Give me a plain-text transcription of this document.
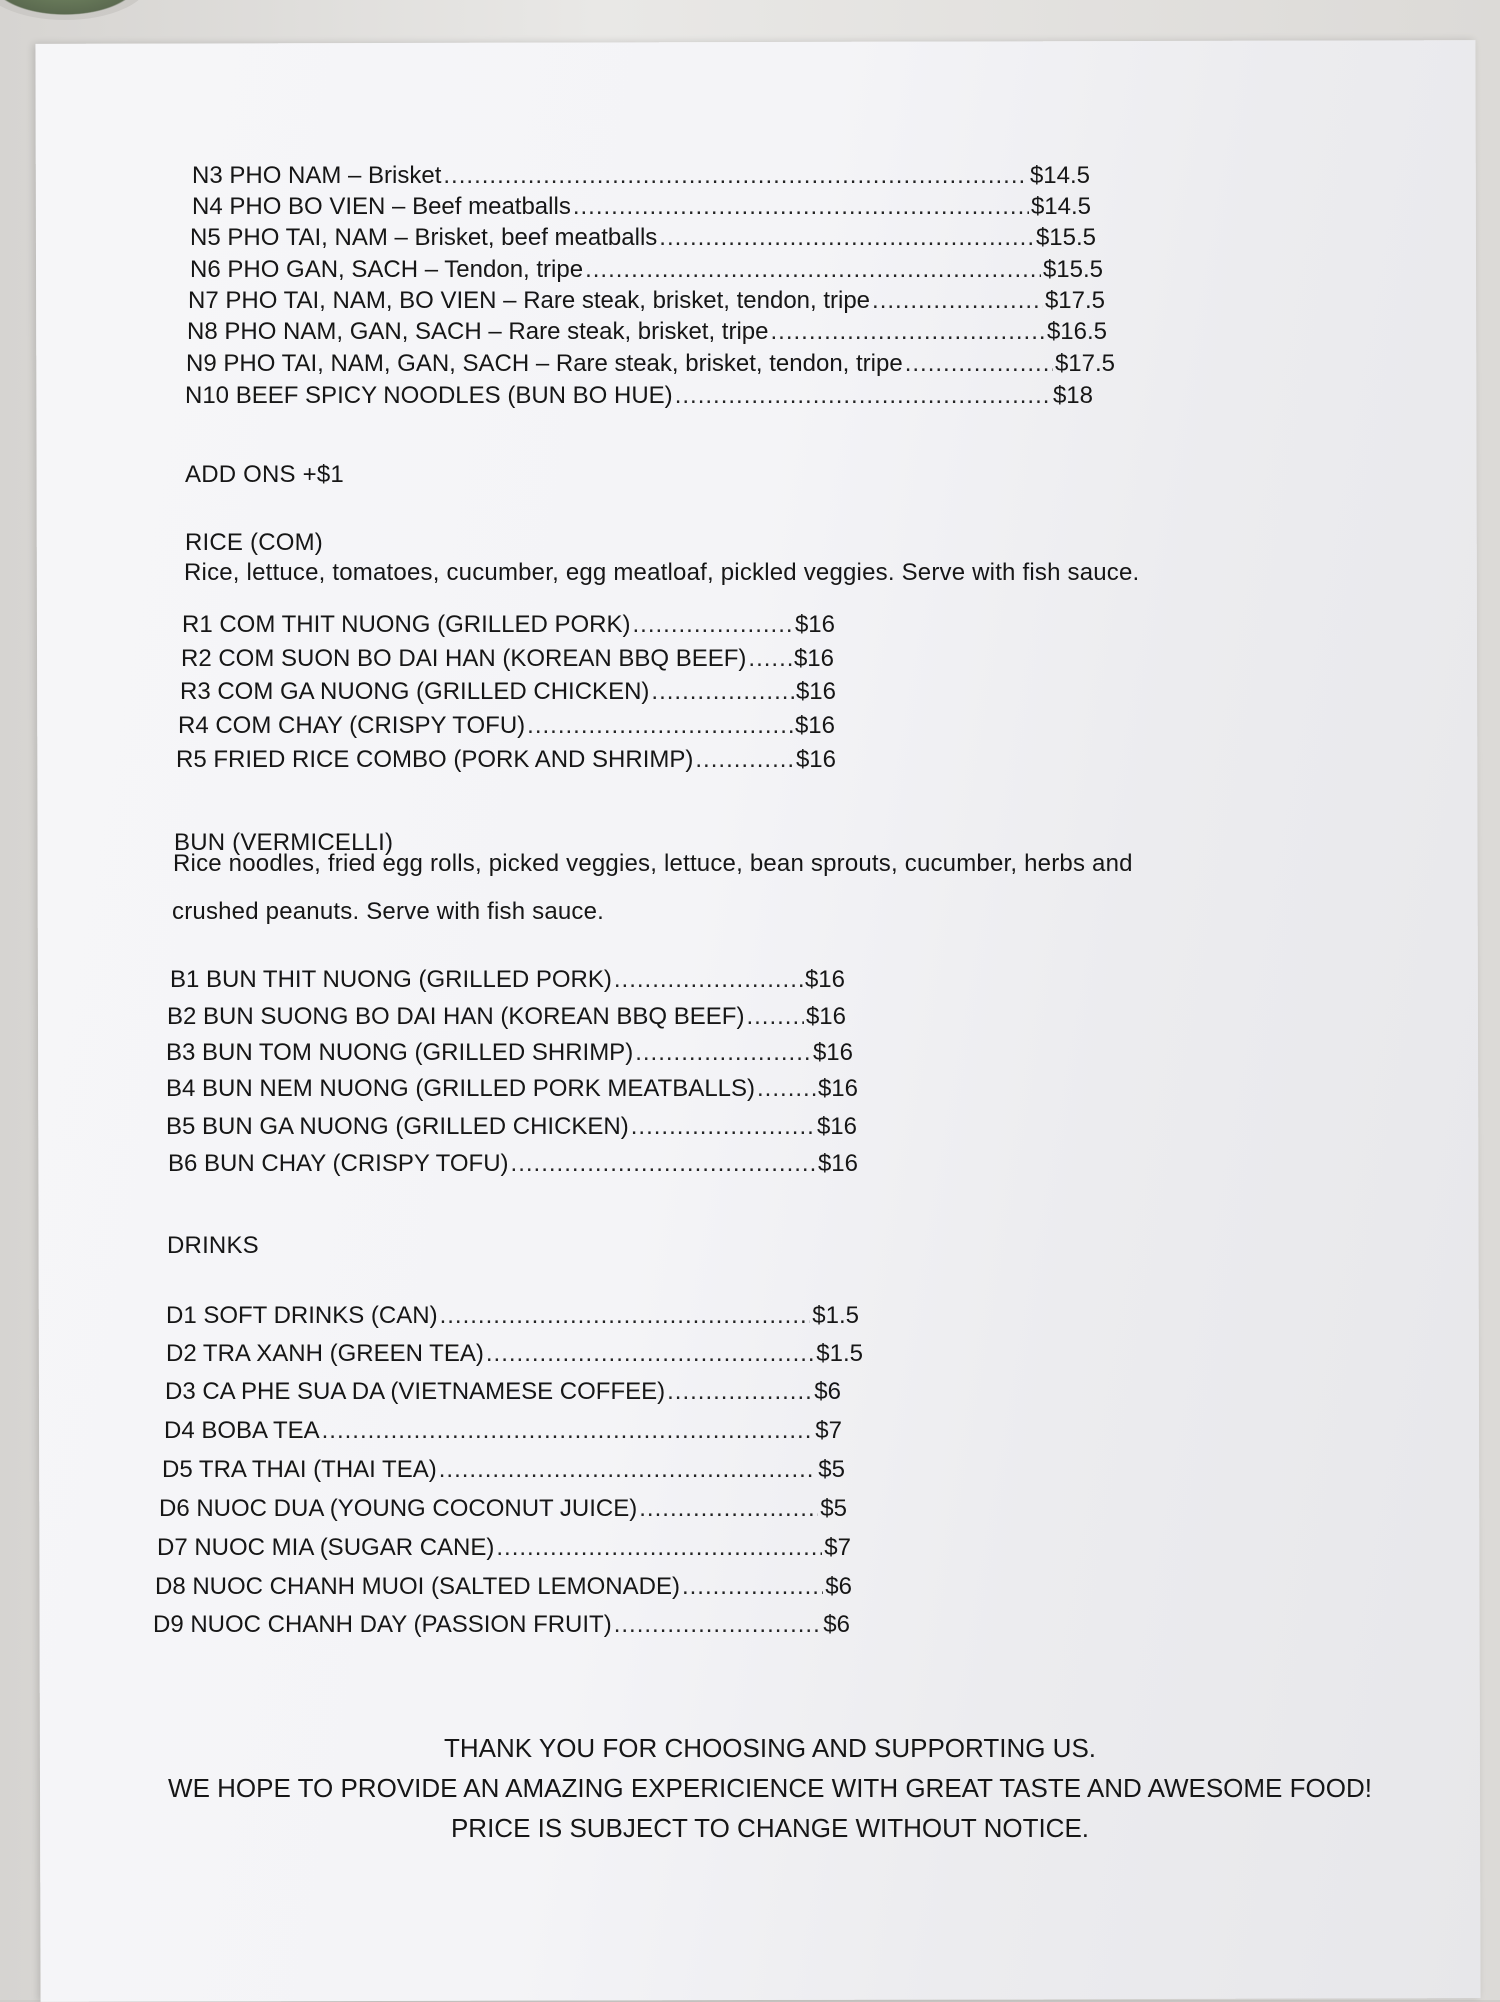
N3 PHO NAM – Brisket .....	$14.5
N4 PHO BO VIEN – Beef meatballs .....	$14.5
N5 PHO TAI, NAM – Brisket, beef meatballs .....	$15.5
N6 PHO GAN, SACH – Tendon, tripe .....	$15.5
N7 PHO TAI, NAM, BO VIEN – Rare steak, brisket, tendon, tripe .....	$17.5
N8 PHO NAM, GAN, SACH – Rare steak, brisket, tripe .....	$16.5
N9 PHO TAI, NAM, GAN, SACH – Rare steak, brisket, tendon, tripe .....	$17.5
N10 BEEF SPICY NOODLES (BUN BO HUE) .....	$18
ADD ONS +$1
RICE (COM)
Rice, lettuce, tomatoes, cucumber, egg meatloaf, pickled veggies. Serve with fish sauce.
R1 COM THIT NUONG (GRILLED PORK) .....	$16
R2 COM SUON BO DAI HAN (KOREAN BBQ BEEF) ..... $16
R3 COM GA NUONG (GRILLED CHICKEN) .....	$16
R4 COM CHAY (CRISPY TOFU) .....	$16
R5 FRIED RICE COMBO (PORK AND SHRIMP) .....	$16
BUN (VERMICELLI)
Rice noodles, fried egg rolls, picked veggies, lettuce, bean sprouts, cucumber, herbs and
crushed peanuts. Serve with fish sauce.
B1 BUN THIT NUONG (GRILLED PORK) .....	$16
B2 BUN SUONG BO DAI HAN (KOREAN BBQ BEEF) .....	$16
B3 BUN TOM NUONG (GRILLED SHRIMP) .....	$16
B4 BUN NEM NUONG (GRILLED PORK MEATBALLS) .....	$16
B5 BUN GA NUONG (GRILLED CHICKEN) .....	$16
B6 BUN CHAY (CRISPY TOFU) .....	$16
DRINKS
D1 SOFT DRINKS (CAN) .....	$1.5
D2 TRA XANH (GREEN TEA) .....	$1.5
D3 CA PHE SUA DA (VIETNAMESE COFFEE) .....	$6
D4 BOBA TEA .....	$7
D5 TRA THAI (THAI TEA) .....	$5
D6 NUOC DUA (YOUNG COCONUT JUICE) .....	$5
D7 NUOC MIA (SUGAR CANE) .....	$7
D8 NUOC CHANH MUOI (SALTED LEMONADE) .....	$6
D9 NUOC CHANH DAY (PASSION FRUIT) .....	$6
THANK YOU FOR CHOOSING AND SUPPORTING US.
WE HOPE TO PROVIDE AN AMAZING EXPERICIENCE WITH GREAT TASTE AND AWESOME FOOD!
PRICE IS SUBJECT TO CHANGE WITHOUT NOTICE.
